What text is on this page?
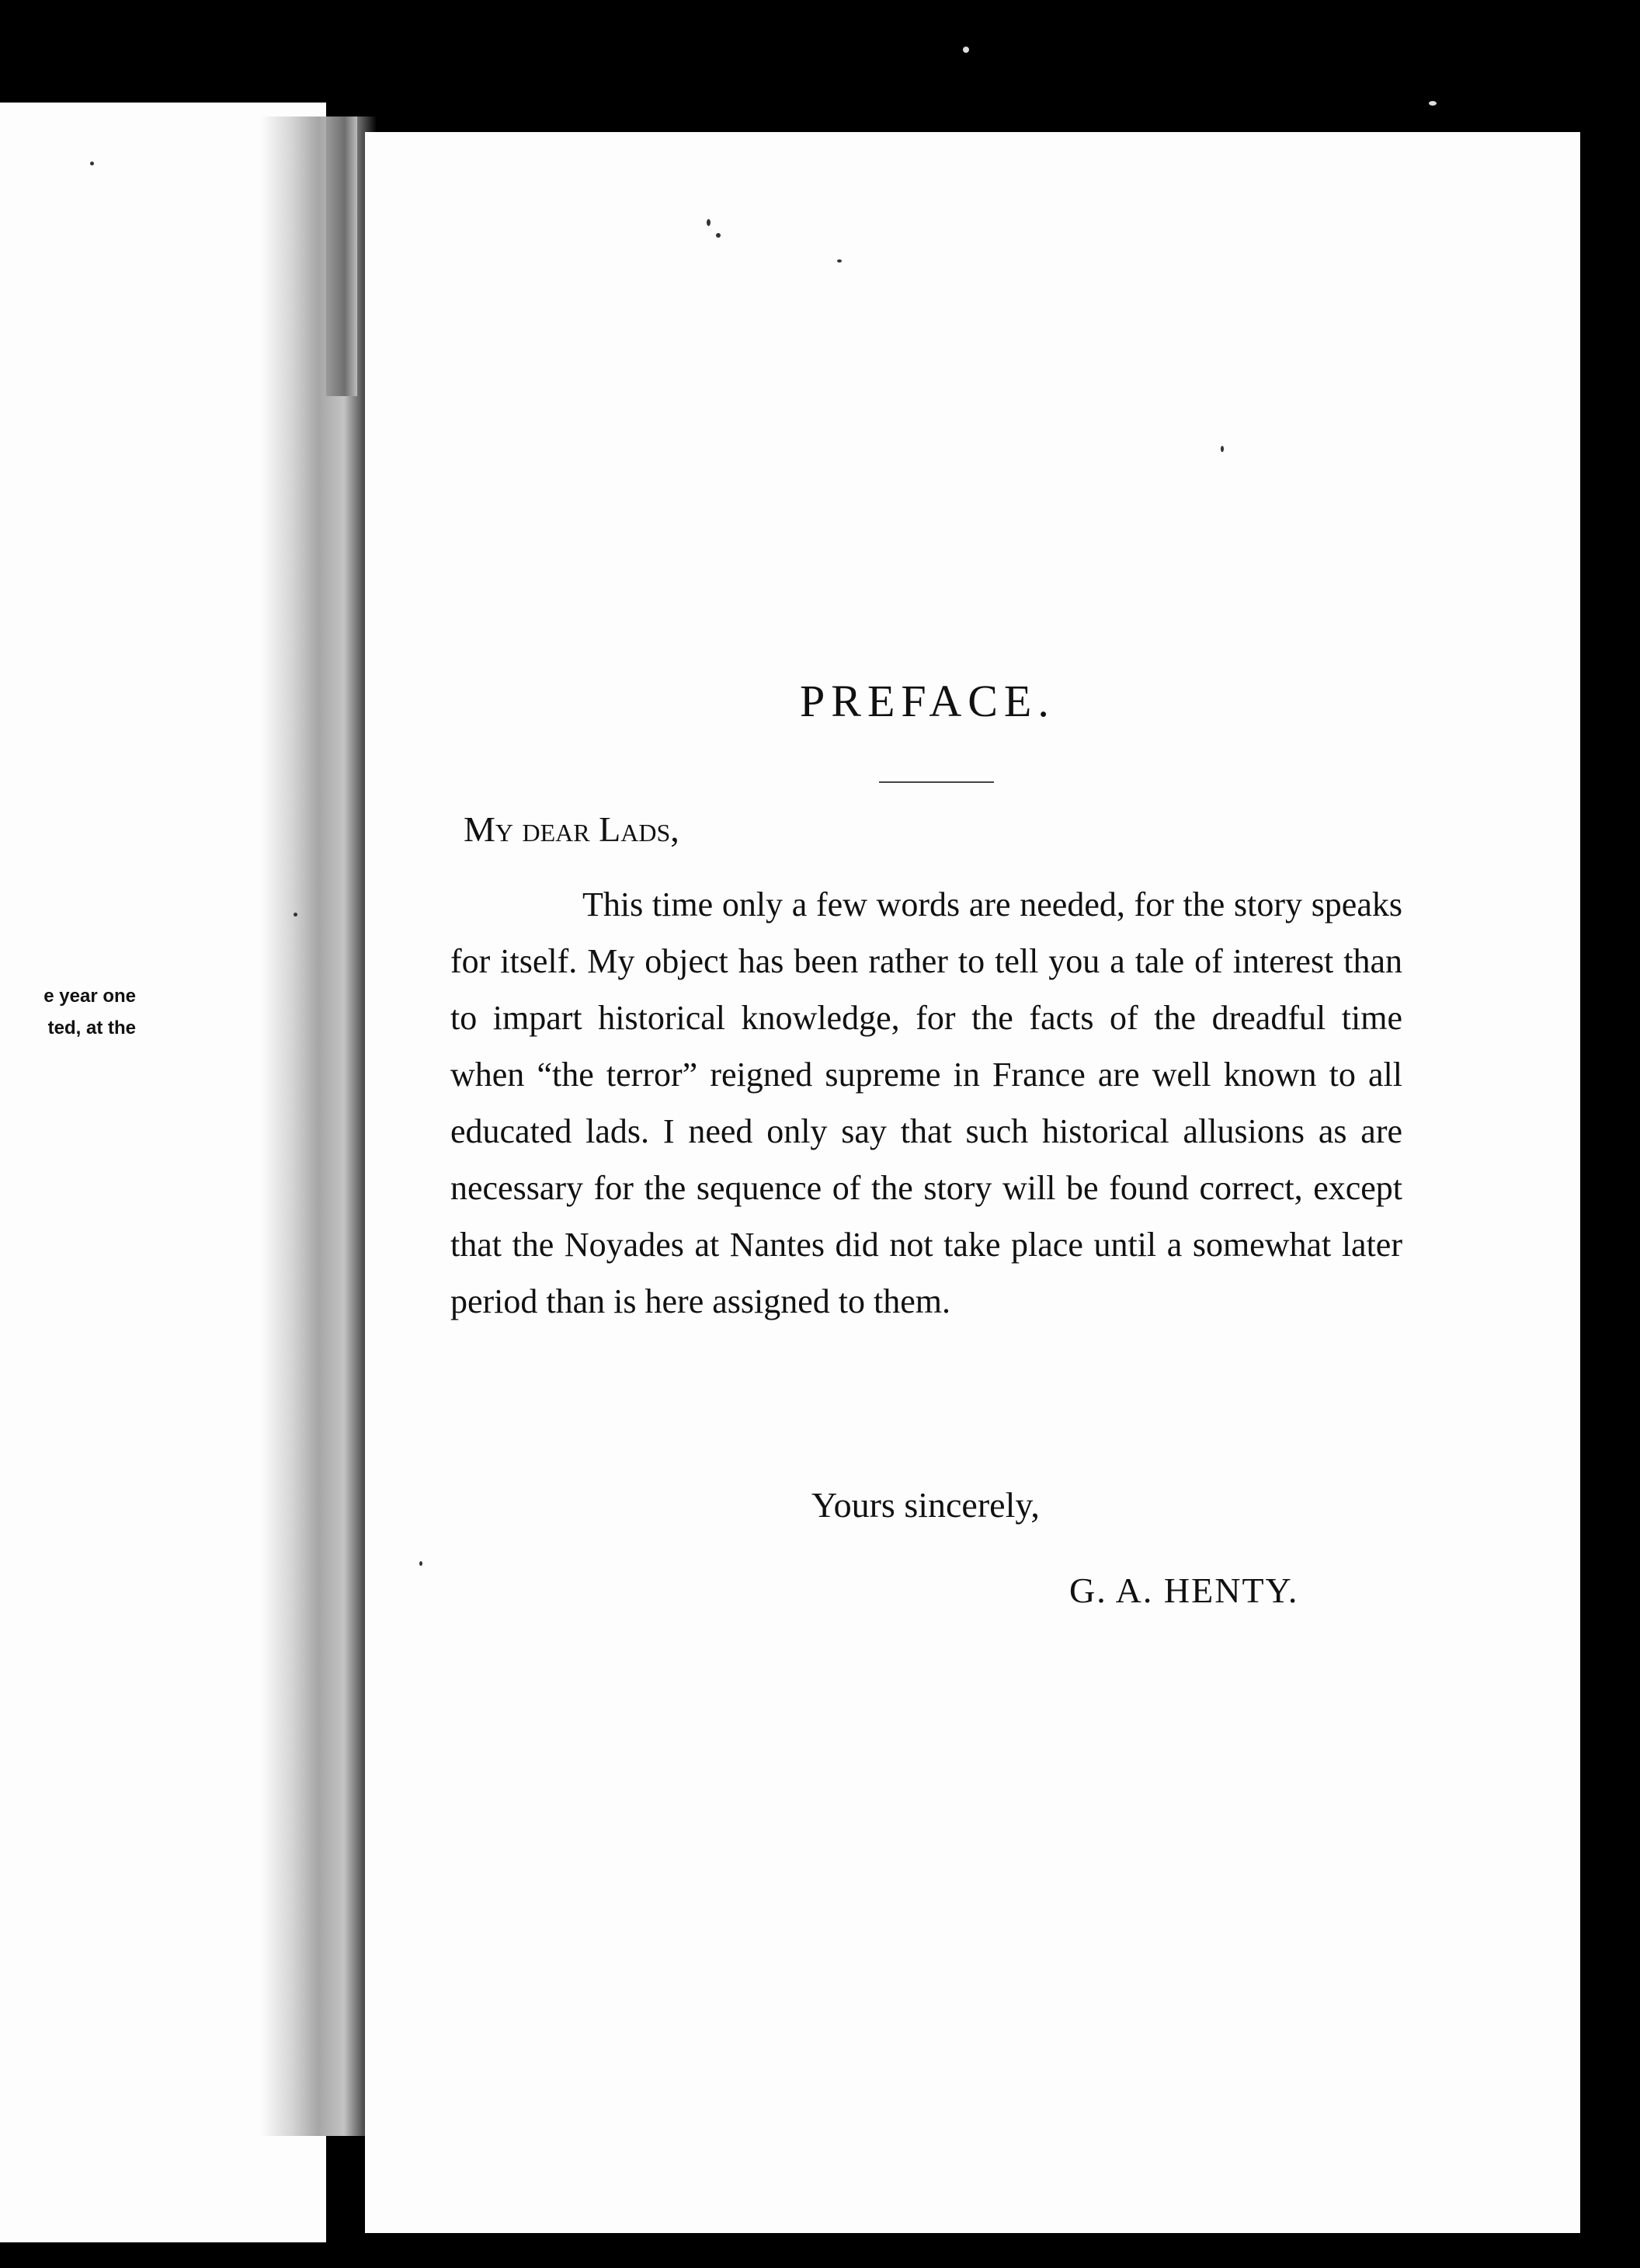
e year one
ted, at the
PREFACE.
My dear Lads,
This time only a few words are needed, for the story speaks for itself. My object has been rather to tell you a tale of interest than to impart historical knowledge, for the facts of the dreadful time when “the terror” reigned supreme in France are well known to all educated lads. I need only say that such historical allusions as are necessary for the sequence of the story will be found correct, except that the Noyades at Nantes did not take place until a somewhat later period than is here assigned to them.
Yours sincerely,
G. A. HENTY.
